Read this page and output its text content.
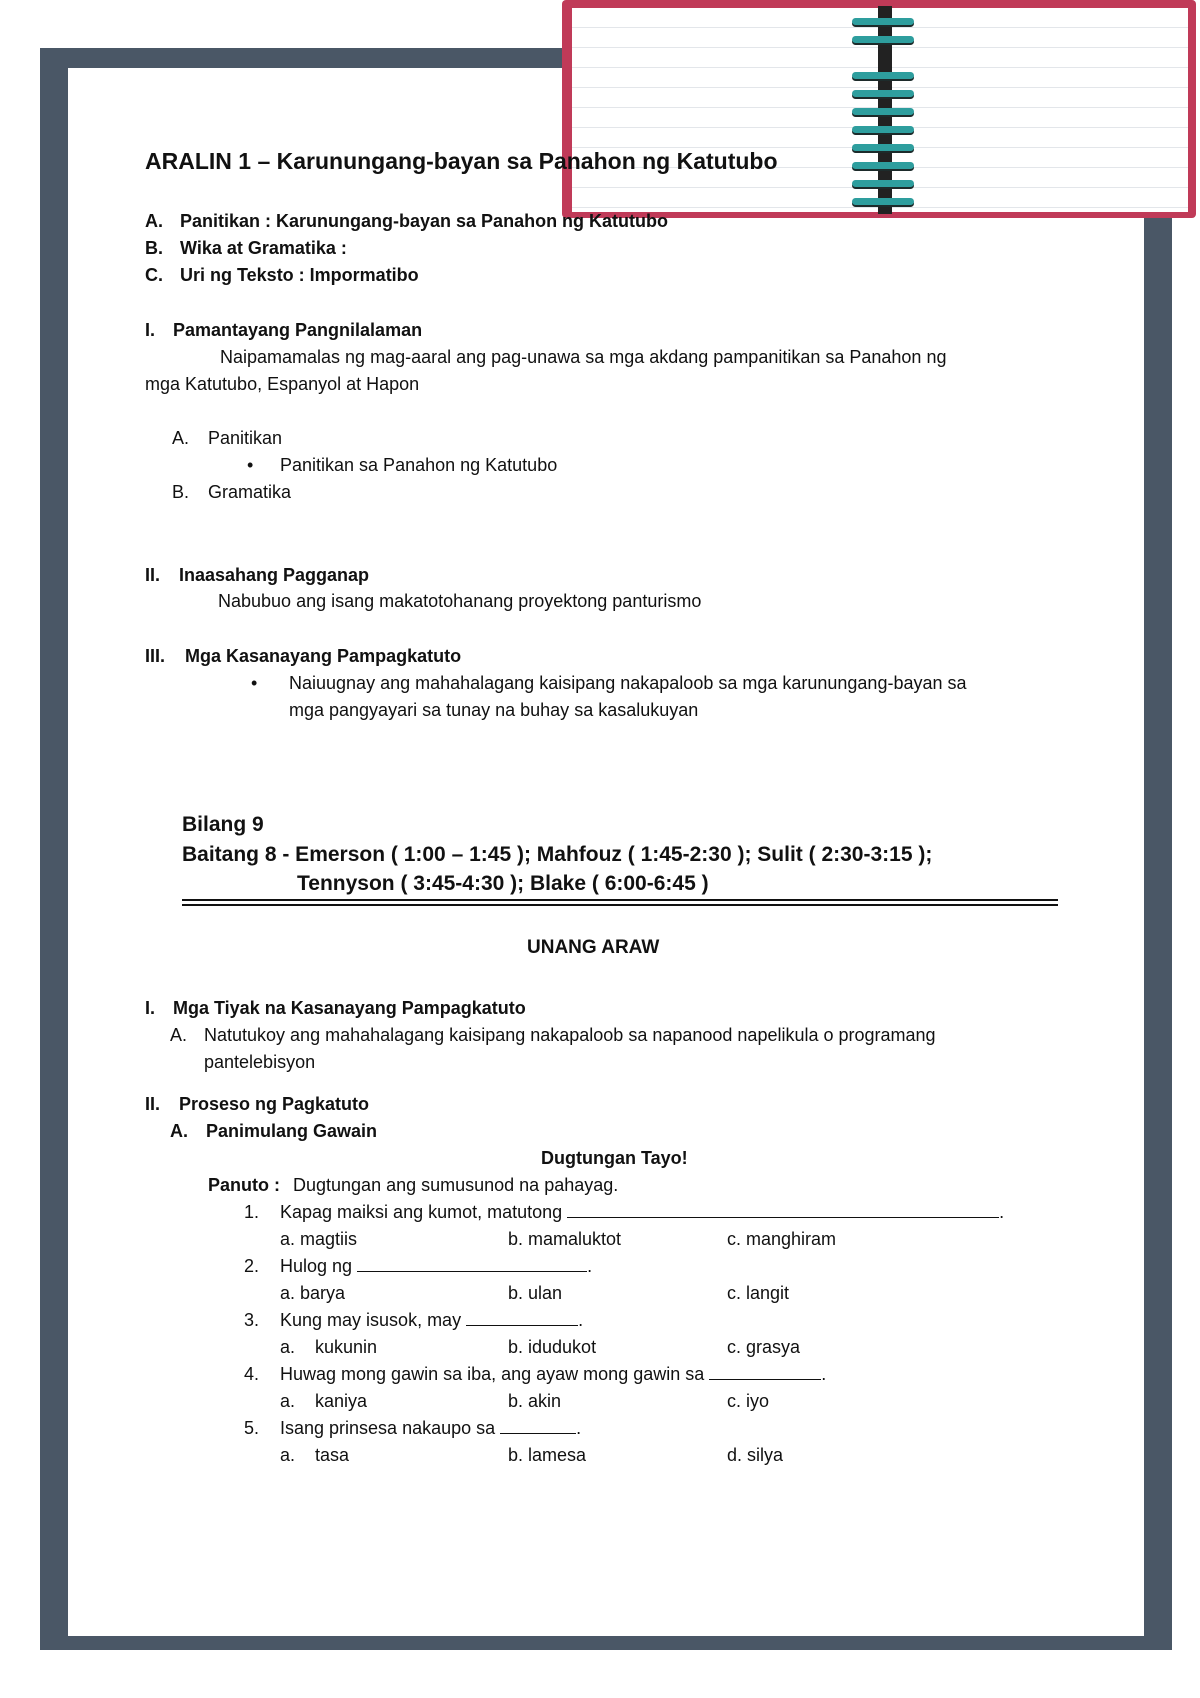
ARALIN 1 – Karunungang-bayan sa Panahon ng Katutubo
A. Panitikan : Karunungang-bayan sa Panahon ng Katutubo
B. Wika at Gramatika :
C. Uri ng Teksto : Impormatibo
I. Pamantayang Pangnilalaman
Naipamamalas ng mag-aaral ang pag-unawa sa mga akdang pampanitikan sa Panahon ng
mga Katutubo, Espanyol at Hapon
A. Panitikan
• Panitikan sa Panahon ng Katutubo
B. Gramatika
II. Inaasahang Pagganap
Nabubuo ang isang makatotohanang proyektong panturismo
III. Mga Kasanayang Pampagkatuto
• Naiuugnay ang mahahalagang kaisipang nakapaloob sa mga karunungang-bayan sa
mga pangyayari sa tunay na buhay sa kasalukuyan
Bilang 9
Baitang 8 - Emerson ( 1:00 – 1:45 ); Mahfouz ( 1:45-2:30 ); Sulit ( 2:30-3:15 );
Tennyson ( 3:45-4:30 ); Blake ( 6:00-6:45 )
UNANG ARAW
I. Mga Tiyak na Kasanayang Pampagkatuto
A. Natutukoy ang mahahalagang kaisipang nakapaloob sa napanood napelikula o programang
pantelebisyon
II. Proseso ng Pagkatuto
A. Panimulang Gawain
Dugtungan Tayo!
Panuto : Dugtungan ang sumusunod na pahayag.
1. Kapag maiksi ang kumot, matutong	.
a. magtiis	b. mamaluktot	c. manghiram
2. Hulog ng	.
a. barya	b. ulan	c. langit
3. Kung may isusok, may	.
a.    kukunin	b. idudukot	c. grasya
4. Huwag mong gawin sa iba, ang ayaw mong gawin sa	.
a.    kaniya	b. akin	c. iyo
5. Isang prinsesa nakaupo sa	.
a.    tasa	b. lamesa	d. silya
